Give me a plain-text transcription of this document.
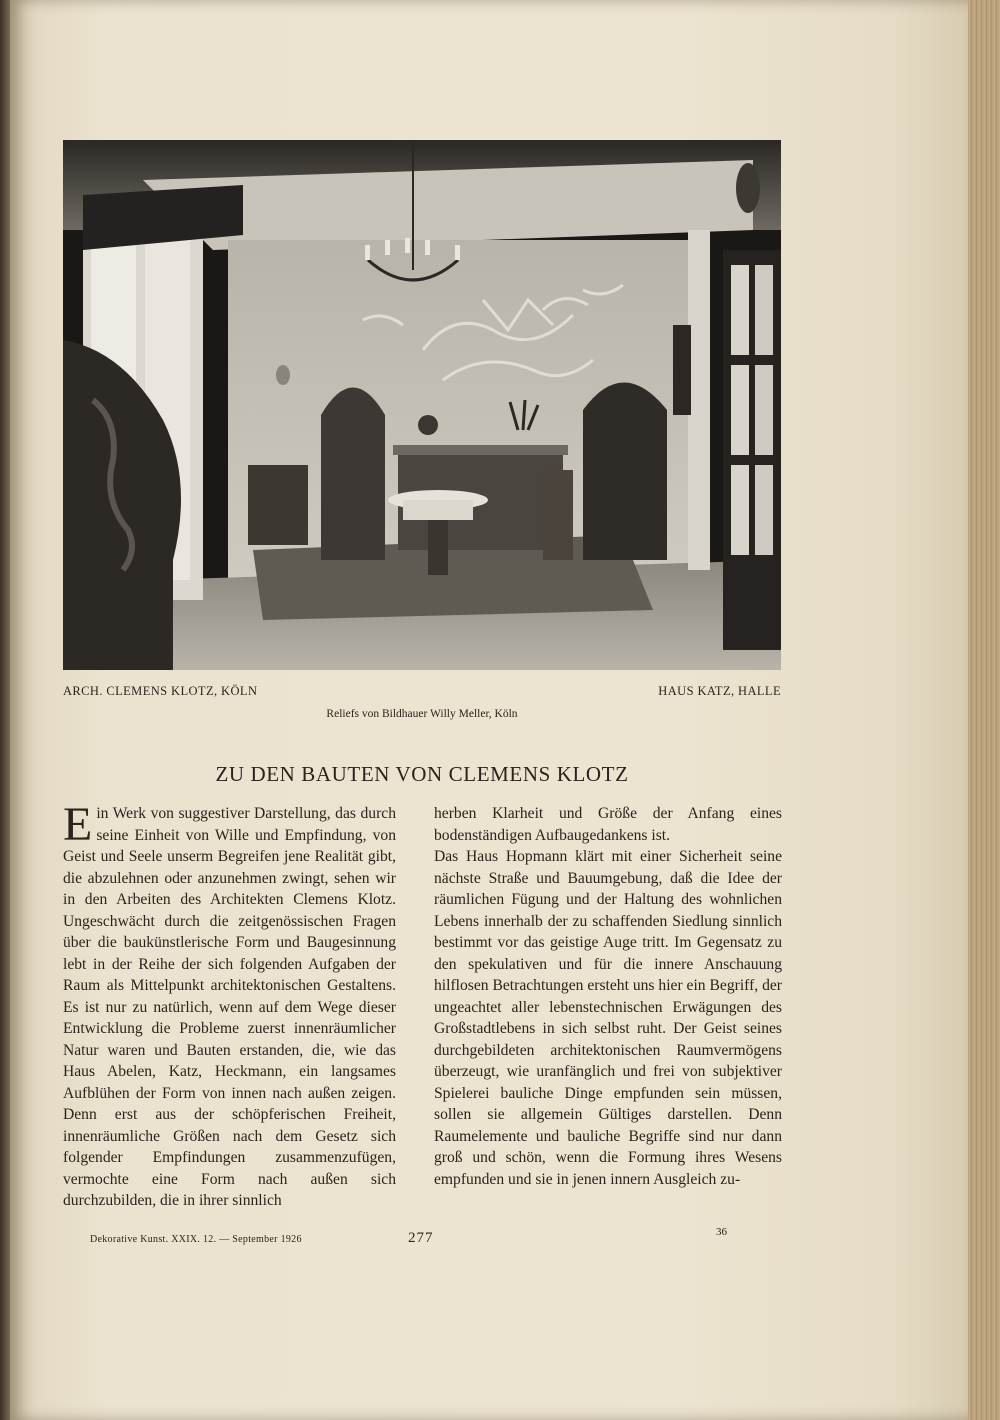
ARCH. CLEMENS KLOTZ, KÖLN	HAUS KATZ, HALLE
Reliefs von Bildhauer Willy Meller, Köln
ZU DEN BAUTEN VON CLEMENS KLOTZ

Ein Werk von suggestiver Darstellung, das durch seine Einheit von Wille und Empfindung, von Geist und Seele unserm Begreifen jene Realität gibt, die abzulehnen oder anzunehmen zwingt, sehen wir in den Arbeiten des Architekten Clemens Klotz. Ungeschwächt durch die zeitgenössischen Fragen über die baukünstlerische Form und Baugesinnung lebt in der Reihe der sich folgenden Aufgaben der Raum als Mittelpunkt architektonischen Gestaltens. Es ist nur zu natürlich, wenn auf dem Wege dieser Entwicklung die Probleme zuerst innenräumlicher Natur waren und Bauten erstanden, die, wie das Haus Abelen, Katz, Heckmann, ein langsames Aufblühen der Form von innen nach außen zeigen. Denn erst aus der schöpferischen Freiheit, innenräumliche Größen nach dem Gesetz sich folgender Empfindungen zusammenzufügen, vermochte eine Form nach außen sich durchzubilden, die in ihrer sinnlich

herben Klarheit und Größe der Anfang eines bodenständigen Aufbaugedankens ist.

Das Haus Hopmann klärt mit einer Sicherheit seine nächste Straße und Bauumgebung, daß die Idee der räumlichen Fügung und der Haltung des wohnlichen Lebens innerhalb der zu schaffenden Siedlung sinnlich bestimmt vor das geistige Auge tritt. Im Gegensatz zu den spekulativen und für die innere Anschauung hilflosen Betrachtungen ersteht uns hier ein Begriff, der ungeachtet aller lebenstechnischen Erwägungen des Großstadtlebens in sich selbst ruht. Der Geist seines durchgebildeten architektonischen Raumvermögens überzeugt, wie uranfänglich und frei von subjektiver Spielerei bauliche Dinge empfunden sein müssen, sollen sie allgemein Gültiges darstellen. Denn Raumelemente und bauliche Begriffe sind nur dann groß und schön, wenn die Formung ihres Wesens empfunden und sie in jenen innern Ausgleich zu-

Dekorative Kunst. XXIX. 12. — September 1926	277	36
